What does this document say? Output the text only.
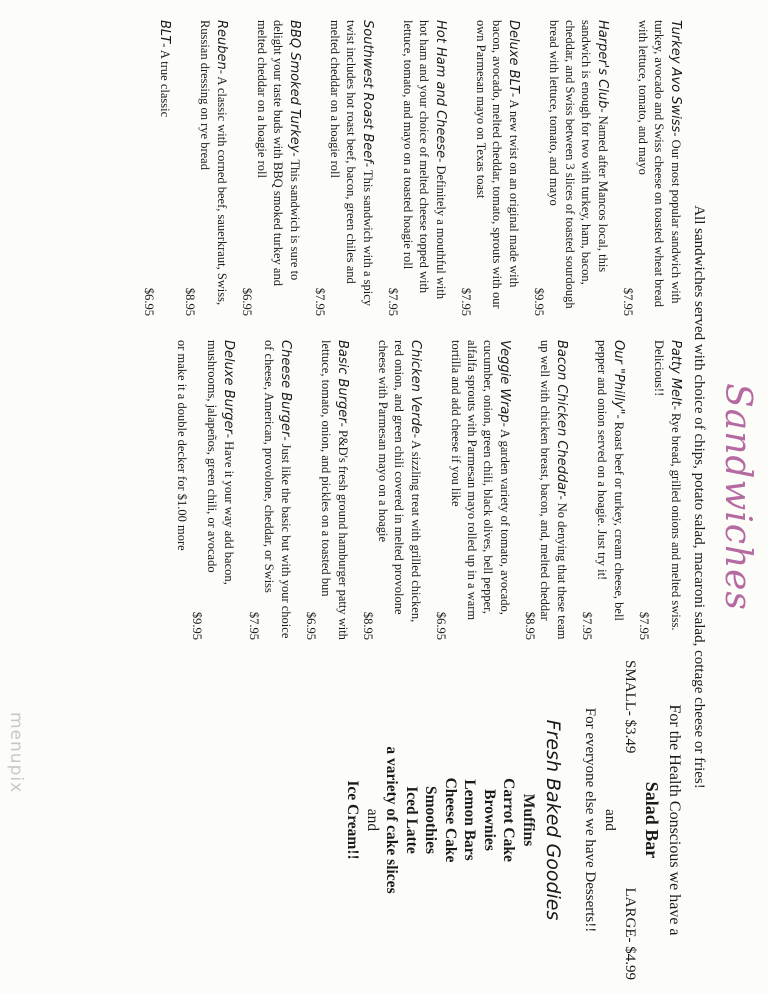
Sandwiches
All sandwiches served with choice of chips, potato salad, macaroni salad, cottage cheese or fries!
Turkey Avo Swiss- Our most popular sandwich with turkey, avocado and Swiss cheese on toasted wheat bread with lettuce, tomato, and mayo
$7.95
Harper's Club- Named after Mancos local, this sandwich is enough for two with turkey, ham, bacon, cheddar, and Swiss between 3 slices of toasted sourdough bread with lettuce, tomato, and mayo
$9.95
Deluxe BLT- A new twist on an original made with bacon, avocado, melted cheddar, tomato, sprouts with our own Parmesan mayo on Texas toast
$7.95
Hot Ham and Cheese- Definitely a mouthful with hot ham and your choice of melted cheese topped with lettuce, tomato, and mayo on a toasted hoagie roll
$7.95
Southwest Roast Beef- This sandwich with a spicy twist includes hot roast beef, bacon, green chiles and melted cheddar on a hoagie roll
$7.95
BBQ Smoked Turkey- This sandwich is sure to delight your taste buds with BBQ smoked turkey and melted cheddar on a hoagie roll
$6.95
Reuben- A classic with corned beef, sauerkraut, Swiss, Russian dressing on rye bread
$8.95
BLT- A true classic
$6.95
Patty Melt- Rye bread, grilled onions and melted swiss. Delicious!!
$7.95
Our "Philly"- Roast beef or turkey, cream cheese, bell pepper and onion served on a hoagie. Just try it!
$7.95
Bacon Chicken Cheddar- No denying that these team up well with chicken breast, bacon, and, melted cheddar
$8.95
Veggie Wrap- A garden variety of tomato, avocado, cucumber, onion, green chili, black olives, bell pepper, alfalfa sprouts with Parmesan mayo rolled up in a warm tortilla and add cheese if you like
$6.95
Chicken Verde- A sizzling treat with grilled chicken, red onion, and green chili covered in melted provolone cheese with Parmesan mayo on a hoagie
$8.95
Basic Burger- P&D's fresh ground hamburger patty with lettuce, tomato, onion, and pickles on a toasted bun
$6.95
Cheese Burger- Just like the basic but with your choice of cheese, American, provolone, cheddar, or Swiss
$7.95
Deluxe Burger- Have it your way add bacon, mushrooms, jalapeños, green chili, or avocado
$9.95
or make it a double decker for $1.00 more
For the Health Conscious we have a
Salad Bar
SMALL- $3.49
LARGE- $4.99
and
For everyone else we have Desserts!!
Fresh Baked Goodies
Muffins
Carrot Cake
Brownies
Lemon Bars
Cheese Cake
Smoothies
Iced Latte
a variety of cake slices
and
Ice Cream!!
menupix
